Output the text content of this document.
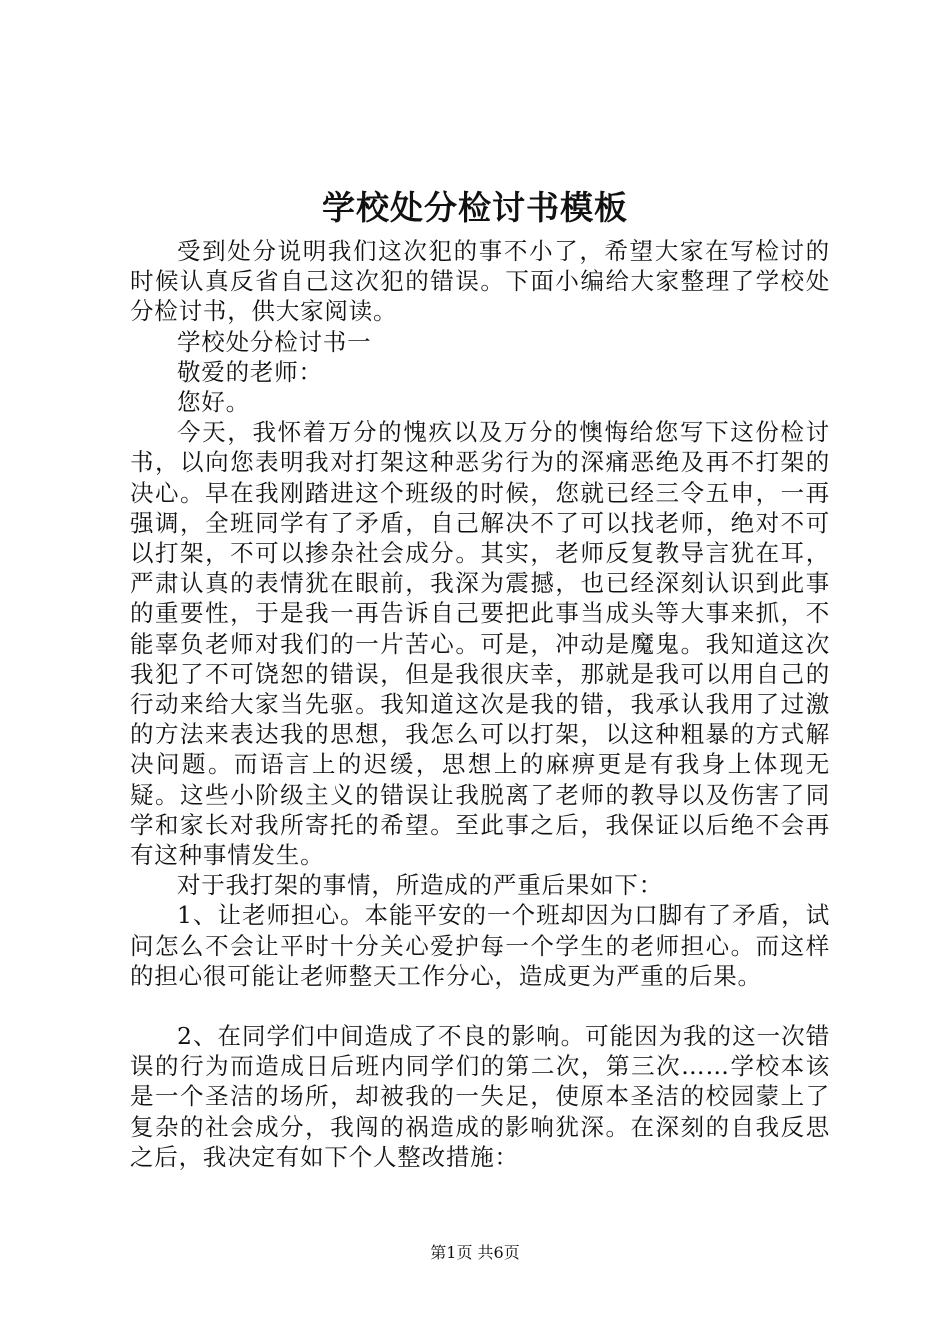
学校处分检讨书模板

受到处分说明我们这次犯的事不小了，希望大家在写检讨的时候认真反省自己这次犯的错误。下面小编给大家整理了学校处分检讨书，供大家阅读。

学校处分检讨书一

敬爱的老师：

您好。

今天，我怀着万分的愧疚以及万分的懊悔给您写下这份检讨书，以向您表明我对打架这种恶劣行为的深痛恶绝及再不打架的决心。早在我刚踏进这个班级的时候，您就已经三令五申，一再强调，全班同学有了矛盾，自己解决不了可以找老师，绝对不可以打架，不可以掺杂社会成分。其实，老师反复教导言犹在耳，严肃认真的表情犹在眼前，我深为震撼，也已经深刻认识到此事的重要性，于是我一再告诉自己要把此事当成头等大事来抓，不能辜负老师对我们的一片苦心。可是，冲动是魔鬼。我知道这次我犯了不可饶恕的错误，但是我很庆幸，那就是我可以用自己的行动来给大家当先驱。我知道这次是我的错，我承认我用了过激的方法来表达我的思想，我怎么可以打架，以这种粗暴的方式解决问题。而语言上的迟缓，思想上的麻痹更是有我身上体现无疑。这些小阶级主义的错误让我脱离了老师的教导以及伤害了同学和家长对我所寄托的希望。至此事之后，我保证以后绝不会再有这种事情发生。

对于我打架的事情，所造成的严重后果如下：

1、让老师担心。本能平安的一个班却因为口脚有了矛盾，试问怎么不会让平时十分关心爱护每一个学生的老师担心。而这样的担心很可能让老师整天工作分心，造成更为严重的后果。

2、在同学们中间造成了不良的影响。可能因为我的这一次错误的行为而造成日后班内同学们的第二次，第三次……学校本该是一个圣洁的场所，却被我的一失足，使原本圣洁的校园蒙上了复杂的社会成分，我闯的祸造成的影响犹深。在深刻的自我反思之后，我决定有如下个人整改措施：

第1页 共6页
